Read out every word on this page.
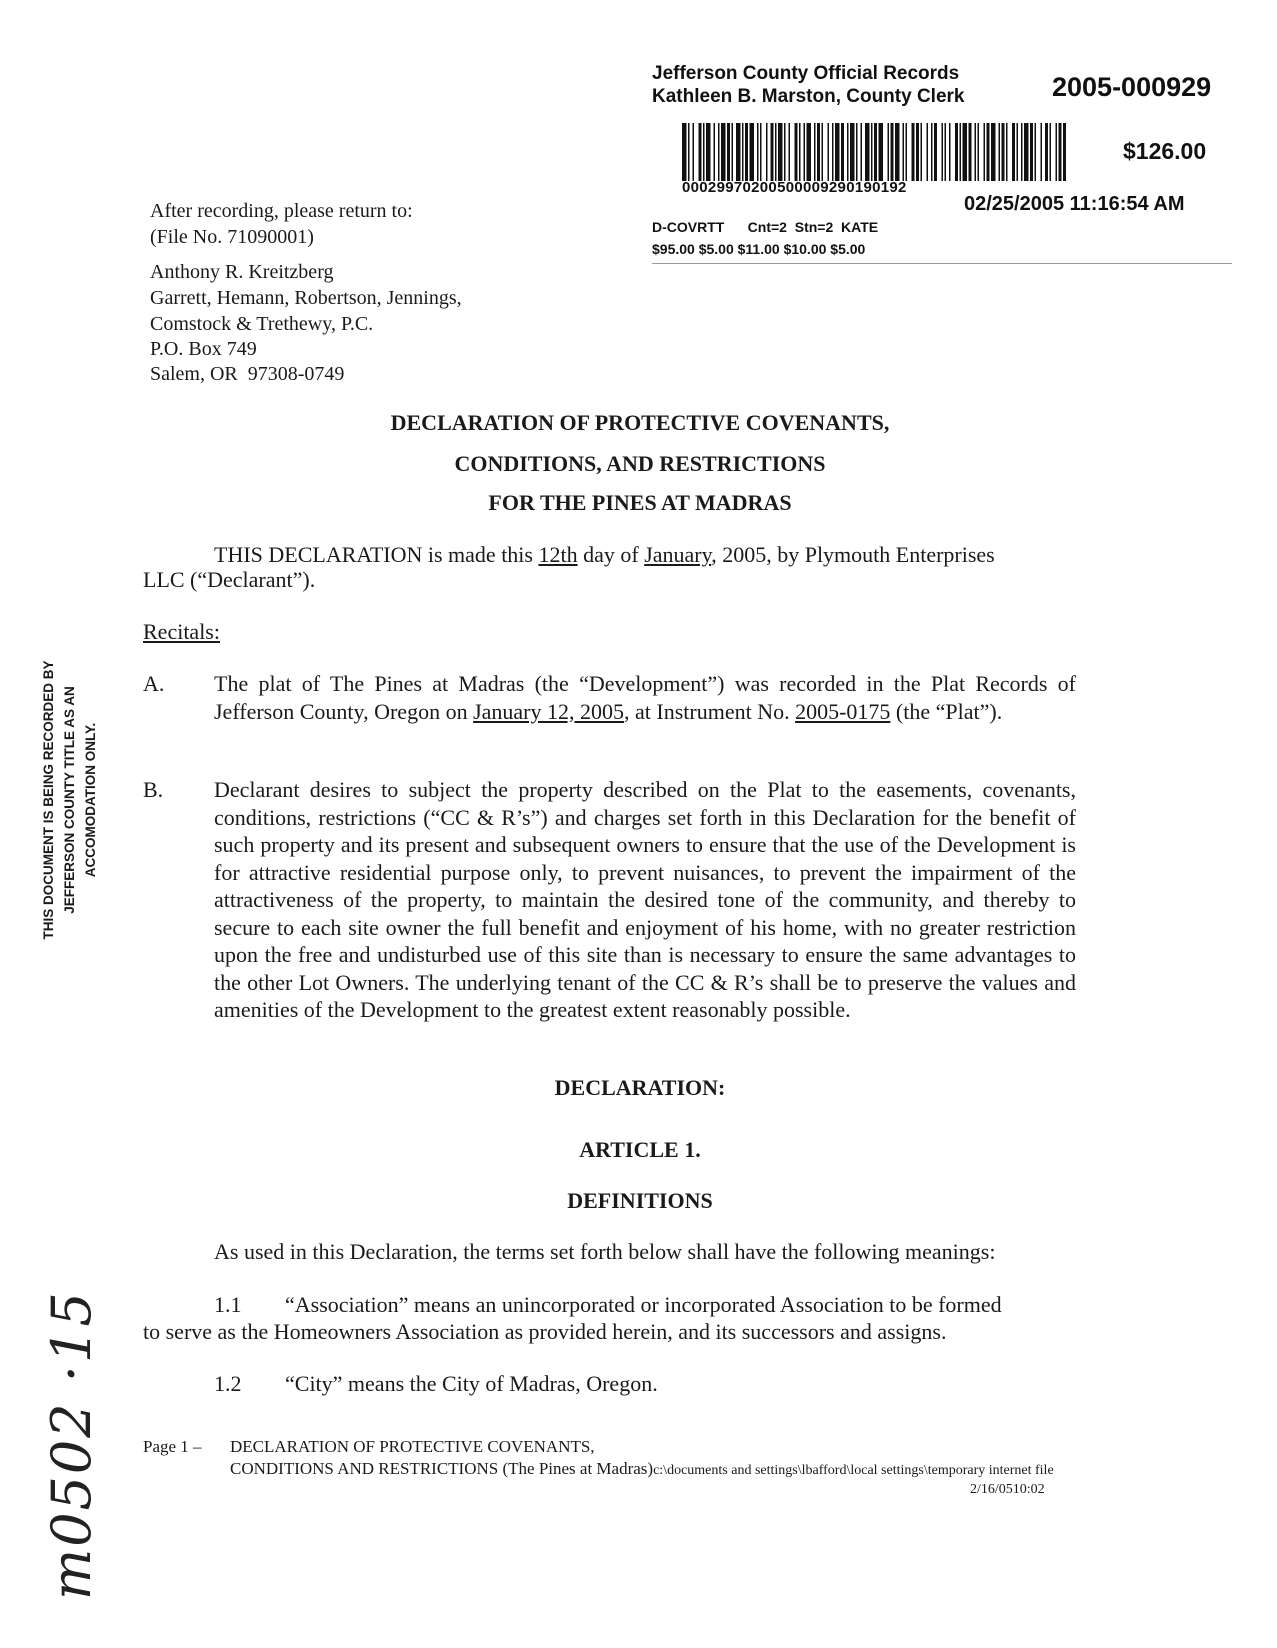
Jefferson County Official Records
Kathleen B. Marston, County Clerk	2005-000929
$126.00
00029970200500009290190192
02/25/2005 11:16:54 AM
D-COVRTT      Cnt=2  Stn=2  KATE
$95.00 $5.00 $11.00 $10.00 $5.00
After recording, please return to:
(File No. 71090001)
Anthony R. Kreitzberg
Garrett, Hemann, Robertson, Jennings,
Comstock & Trethewy, P.C.
P.O. Box 749
Salem, OR  97308-0749
THIS DOCUMENT IS BEING RECORDED BY JEFFERSON COUNTY TITLE AS AN ACCOMODATION ONLY.
m0502 ·15
DECLARATION OF PROTECTIVE COVENANTS,
CONDITIONS, AND RESTRICTIONS
FOR THE PINES AT MADRAS
THIS DECLARATION is made this 12th day of January, 2005, by Plymouth Enterprises
LLC (“Declarant”).
Recitals:
A. The plat of The Pines at Madras (the “Development”) was recorded in the Plat Records of Jefferson County, Oregon on January 12, 2005, at Instrument No. 2005-0175 (the “Plat”).
B. Declarant desires to subject the property described on the Plat to the easements, covenants, conditions, restrictions (“CC & R’s”) and charges set forth in this Declaration for the benefit of such property and its present and subsequent owners to ensure that the use of the Development is for attractive residential purpose only, to prevent nuisances, to prevent the impairment of the attractiveness of the property, to maintain the desired tone of the community, and thereby to secure to each site owner the full benefit and enjoyment of his home, with no greater restriction upon the free and undisturbed use of this site than is necessary to ensure the same advantages to the other Lot Owners. The underlying tenant of the CC & R’s shall be to preserve the values and amenities of the Development to the greatest extent reasonably possible.
DECLARATION:
ARTICLE 1.
DEFINITIONS
As used in this Declaration, the terms set forth below shall have the following meanings:
1.1 “Association” means an unincorporated or incorporated Association to be formed
to serve as the Homeowners Association as provided herein, and its successors and assigns.
1.2 “City” means the City of Madras, Oregon.
Page 1 – DECLARATION OF PROTECTIVE COVENANTS,
CONDITIONS AND RESTRICTIONS (The Pines at Madras)c:\documents and settings\lbafford\local settings\temporary internet file
2/16/0510:02
